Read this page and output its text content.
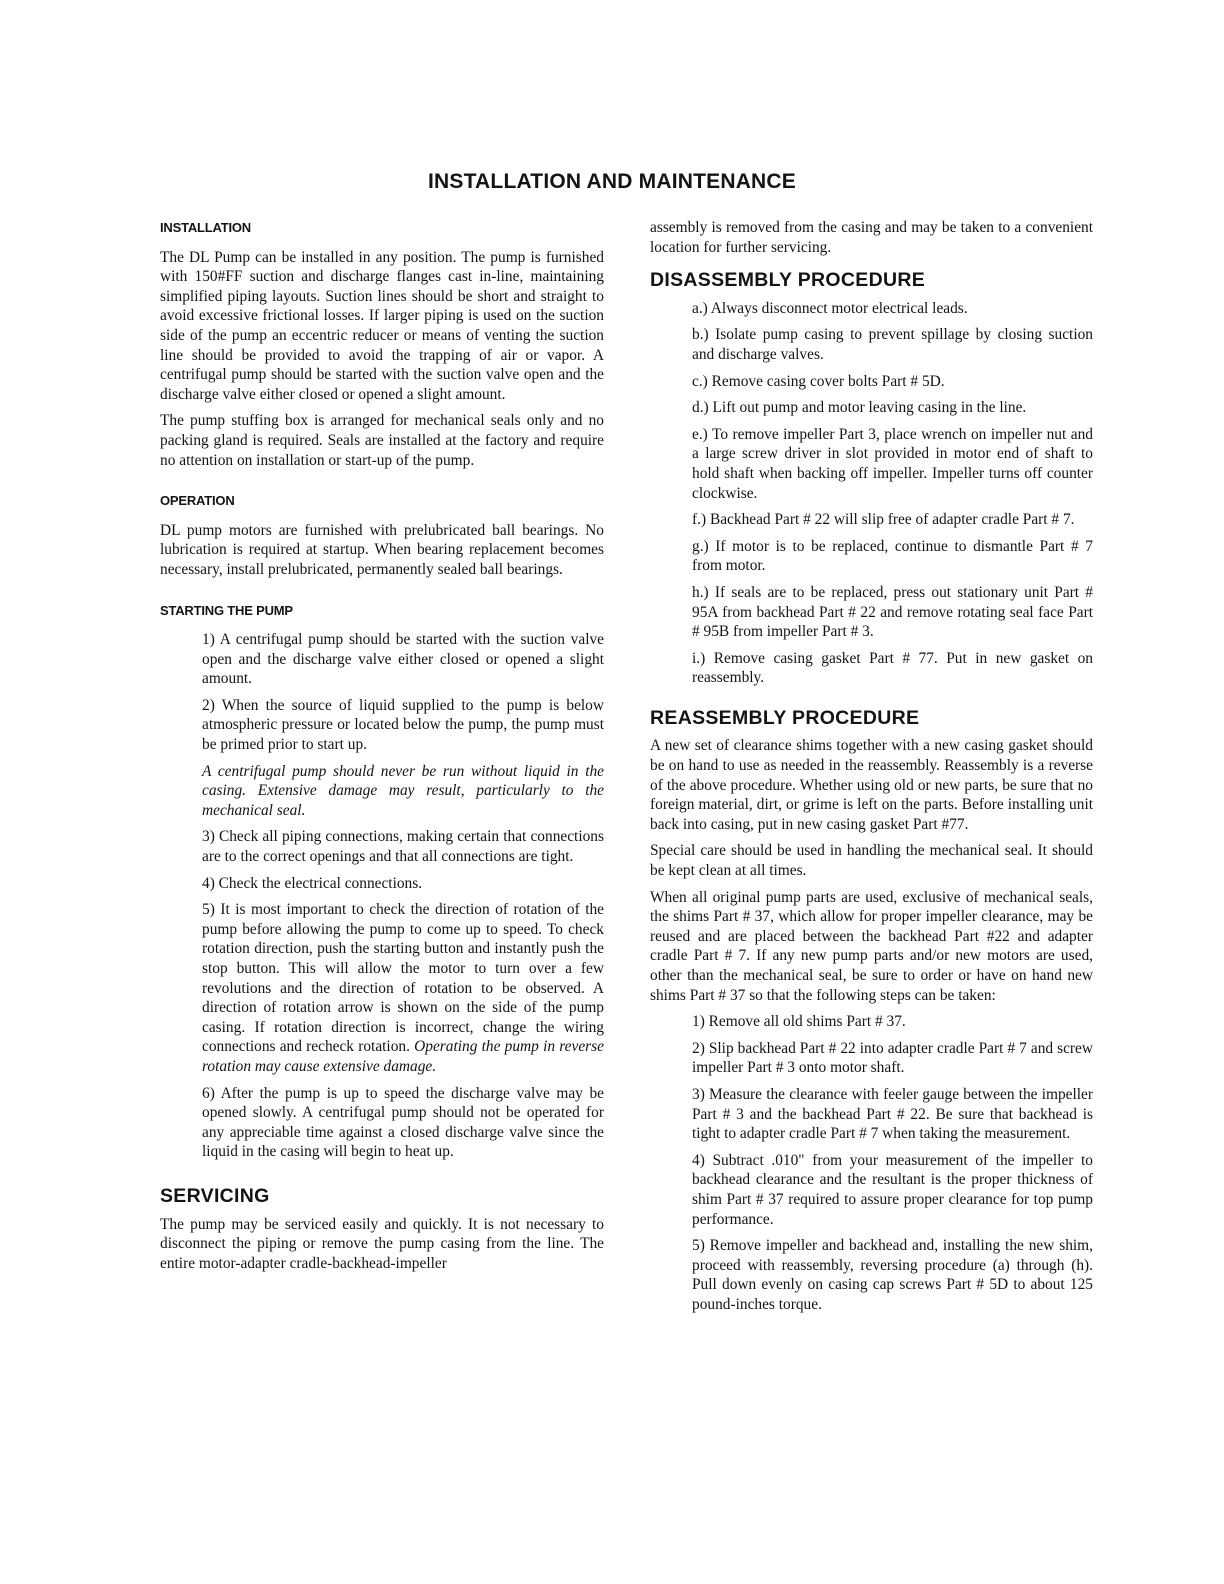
INSTALLATION AND MAINTENANCE
INSTALLATION

The DL Pump can be installed in any position. The pump is furnished with 150#FF suction and discharge flanges cast in-line, maintaining simplified piping layouts. Suction lines should be short and straight to avoid excessive frictional losses. If larger piping is used on the suction side of the pump an eccentric reducer or means of venting the suction line should be provided to avoid the trapping of air or vapor. A centrifugal pump should be started with the suction valve open and the discharge valve either closed or opened a slight amount.

The pump stuffing box is arranged for mechanical seals only and no packing gland is required. Seals are installed at the factory and require no attention on installation or start-up of the pump.

OPERATION

DL pump motors are furnished with prelubricated ball bearings. No lubrication is required at startup. When bearing replacement becomes necessary, install prelubricated, permanently sealed ball bearings.

STARTING THE PUMP

1) A centrifugal pump should be started with the suction valve open and the discharge valve either closed or opened a slight amount.

2) When the source of liquid supplied to the pump is below atmospheric pressure or located below the pump, the pump must be primed prior to start up.

A centrifugal pump should never be run without liquid in the casing. Extensive damage may result, particularly to the mechanical seal.

3) Check all piping connections, making certain that connections are to the correct openings and that all connections are tight.

4) Check the electrical connections.

5) It is most important to check the direction of rotation of the pump before allowing the pump to come up to speed. To check rotation direction, push the starting button and instantly push the stop button. This will allow the motor to turn over a few revolutions and the direction of rotation to be observed. A direction of rotation arrow is shown on the side of the pump casing. If rotation direction is incorrect, change the wiring connections and recheck rotation. Operating the pump in reverse rotation may cause extensive damage.

6) After the pump is up to speed the discharge valve may be opened slowly. A centrifugal pump should not be operated for any appreciable time against a closed discharge valve since the liquid in the casing will begin to heat up.

SERVICING

The pump may be serviced easily and quickly. It is not necessary to disconnect the piping or remove the pump casing from the line. The entire motor-adapter cradle-backhead-impeller

assembly is removed from the casing and may be taken to a convenient location for further servicing.

DISASSEMBLY PROCEDURE

a.) Always disconnect motor electrical leads.

b.) Isolate pump casing to prevent spillage by closing suction and discharge valves.

c.) Remove casing cover bolts Part # 5D.

d.) Lift out pump and motor leaving casing in the line.

e.) To remove impeller Part 3, place wrench on impeller nut and a large screw driver in slot provided in motor end of shaft to hold shaft when backing off impeller. Impeller turns off counter clockwise.

f.) Backhead Part # 22 will slip free of adapter cradle Part # 7.

g.) If motor is to be replaced, continue to dismantle Part # 7 from motor.

h.) If seals are to be replaced, press out stationary unit Part # 95A from backhead Part # 22 and remove rotating seal face Part # 95B from impeller Part # 3.

i.) Remove casing gasket Part # 77. Put in new gasket on reassembly.

REASSEMBLY PROCEDURE

A new set of clearance shims together with a new casing gasket should be on hand to use as needed in the reassembly. Reassembly is a reverse of the above procedure. Whether using old or new parts, be sure that no foreign material, dirt, or grime is left on the parts. Before installing unit back into casing, put in new casing gasket Part #77.

Special care should be used in handling the mechanical seal. It should be kept clean at all times.

When all original pump parts are used, exclusive of mechanical seals, the shims Part # 37, which allow for proper impeller clearance, may be reused and are placed between the backhead Part #22 and adapter cradle Part # 7. If any new pump parts and/or new motors are used, other than the mechanical seal, be sure to order or have on hand new shims Part # 37 so that the following steps can be taken:

1) Remove all old shims Part # 37.

2) Slip backhead Part # 22 into adapter cradle Part # 7 and screw impeller Part # 3 onto motor shaft.

3) Measure the clearance with feeler gauge between the impeller Part # 3 and the backhead Part # 22. Be sure that backhead is tight to adapter cradle Part # 7 when taking the measurement.

4) Subtract .010" from your measurement of the impeller to backhead clearance and the resultant is the proper thickness of shim Part # 37 required to assure proper clearance for top pump performance.

5) Remove impeller and backhead and, installing the new shim, proceed with reassembly, reversing procedure (a) through (h). Pull down evenly on casing cap screws Part # 5D to about 125 pound-inches torque.
